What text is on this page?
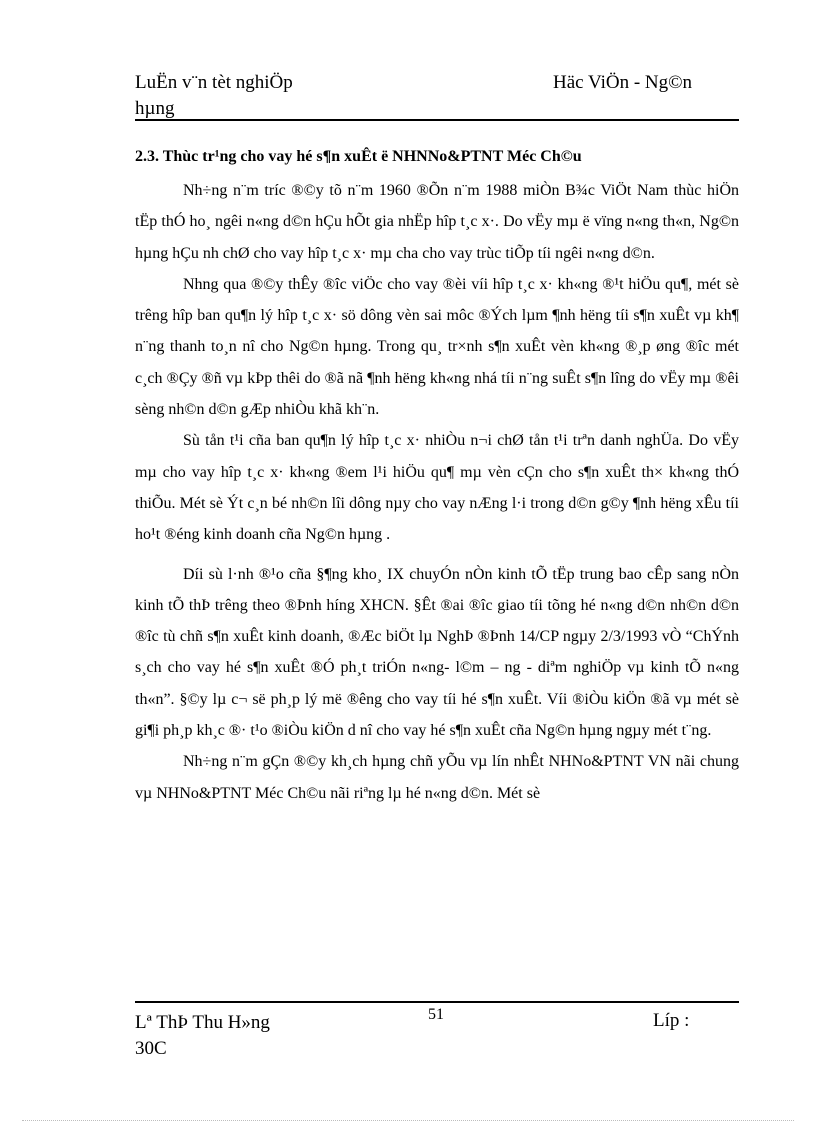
LuËn v¨n tèt nghiÖp
hµng
Häc ViÖn - Ng©n

2.3. Thùc tr¹ng cho vay hé s¶n xuÊt ë NHNNo&PTNT Méc Ch©u

Nh÷ng n¨m tríc ®©y tõ n¨m 1960 ®Õn n¨m 1988 miÒn B¾c ViÖt Nam thùc hiÖn tËp thÓ ho¸ ngêi n«ng d©n hÇu hÕt gia nhËp hîp t¸c x·. Do vËy mµ ë vïng n«ng th«n, Ng©n hµng hÇu nh chØ cho vay hîp t¸c x· mµ cha cho vay trùc tiÕp tíi ngêi n«ng d©n.

Nhng qua ®©y thÊy ®îc viÖc cho vay ®èi víi hîp t¸c x· kh«ng ®¹t hiÖu qu¶, mét sè trêng hîp ban qu¶n lý hîp t¸c x· sö dông vèn sai môc ®Ých lµm ¶nh hëng tíi s¶n xuÊt vµ kh¶ n¨ng thanh to¸n nî cho Ng©n hµng. Trong qu¸ tr×nh s¶n xuÊt vèn kh«ng ®¸p øng ®îc mét c¸ch ®Çy ®ñ vµ kÞp thêi do ®ã nã ¶nh hëng kh«ng nhá tíi n¨ng suÊt s¶n lîng do vËy mµ ®êi sèng nh©n d©n gÆp nhiÒu khã kh¨n.

Sù tån t¹i cña ban qu¶n lý hîp t¸c x· nhiÒu n¬i chØ tån t¹i trªn danh nghÜa. Do vËy mµ cho vay hîp t¸c x· kh«ng ®em l¹i hiÖu qu¶ mµ vèn cÇn cho s¶n xuÊt th× kh«ng thÓ thiÕu. Mét sè Ýt c¸n bé nh©n lîi dông nµy cho vay nÆng l·i trong d©n g©y ¶nh hëng xÊu tíi ho¹t ®éng kinh doanh cña Ng©n hµng .

Díi sù l·nh ®¹o cña §¶ng kho¸ IX chuyÓn nÒn kinh tÕ tËp trung bao cÊp sang nÒn kinh tÕ thÞ trêng theo ®Þnh híng XHCN. §Êt ®ai ®îc giao tíi tõng hé n«ng d©n nh©n d©n ®îc tù chñ s¶n xuÊt kinh doanh, ®Æc biÖt lµ NghÞ ®Þnh 14/CP ngµy 2/3/1993 vÒ “ChÝnh s¸ch cho vay hé s¶n xuÊt ®Ó ph¸t triÓn n«ng- l©m – ng - diªm nghiÖp vµ kinh tÕ n«ng th«n”. §©y lµ c¬ së ph¸p lý më ®êng cho vay tíi hé s¶n xuÊt. Víi ®iÒu kiÖn ®ã vµ mét sè gi¶i ph¸p kh¸c ®· t¹o ®iÒu kiÖn d nî cho vay hé s¶n xuÊt cña Ng©n hµng ngµy mét t¨ng.

Nh÷ng n¨m gÇn ®©y kh¸ch hµng chñ yÕu vµ lín nhÊt NHNo&PTNT VN nãi chung vµ NHNo&PTNT Méc Ch©u nãi riªng lµ hé n«ng d©n. Mét sè

Lª ThÞ Thu H»ng
30C
51	Líp :
